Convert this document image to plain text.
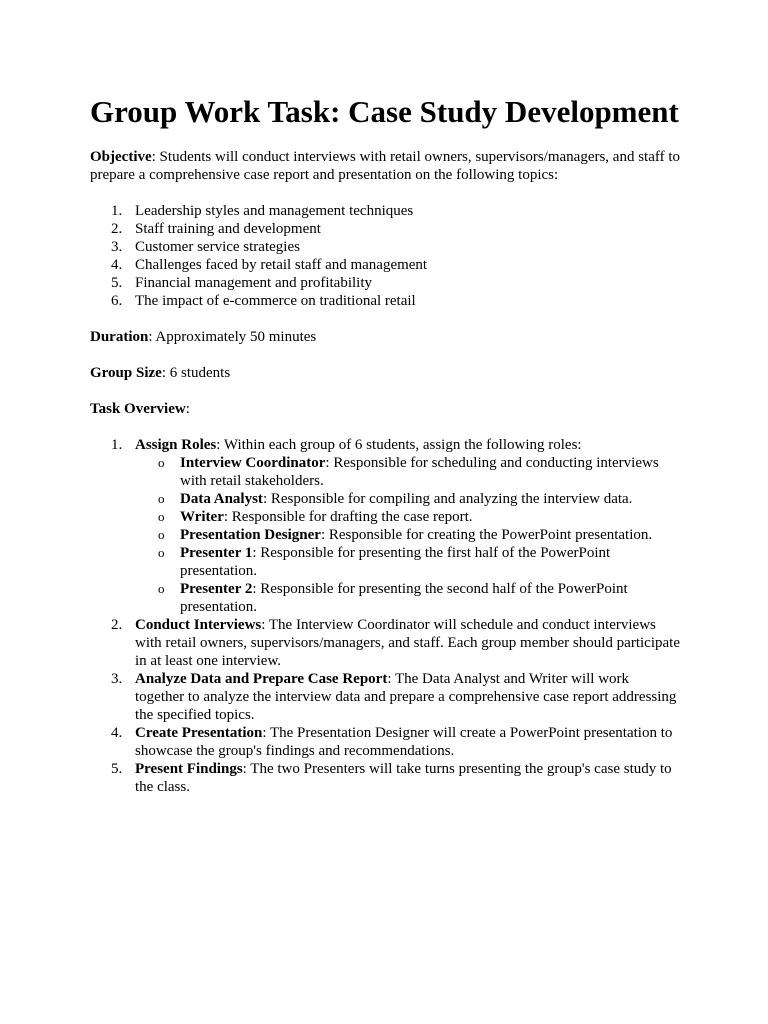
Group Work Task: Case Study Development

Objective: Students will conduct interviews with retail owners, supervisors/managers, and staff to prepare a comprehensive case report and presentation on the following topics:

1. Leadership styles and management techniques
2. Staff training and development
3. Customer service strategies
4. Challenges faced by retail staff and management
5. Financial management and profitability
6. The impact of e-commerce on traditional retail

Duration: Approximately 50 minutes

Group Size: 6 students

Task Overview:

1. Assign Roles: Within each group of 6 students, assign the following roles:
o Interview Coordinator: Responsible for scheduling and conducting interviews with retail stakeholders.
o Data Analyst: Responsible for compiling and analyzing the interview data.
o Writer: Responsible for drafting the case report.
o Presentation Designer: Responsible for creating the PowerPoint presentation.
o Presenter 1: Responsible for presenting the first half of the PowerPoint presentation.
o Presenter 2: Responsible for presenting the second half of the PowerPoint presentation.
2. Conduct Interviews: The Interview Coordinator will schedule and conduct interviews with retail owners, supervisors/managers, and staff. Each group member should participate in at least one interview.
3. Analyze Data and Prepare Case Report: The Data Analyst and Writer will work together to analyze the interview data and prepare a comprehensive case report addressing the specified topics.
4. Create Presentation: The Presentation Designer will create a PowerPoint presentation to showcase the group's findings and recommendations.
5. Present Findings: The two Presenters will take turns presenting the group's case study to the class.
